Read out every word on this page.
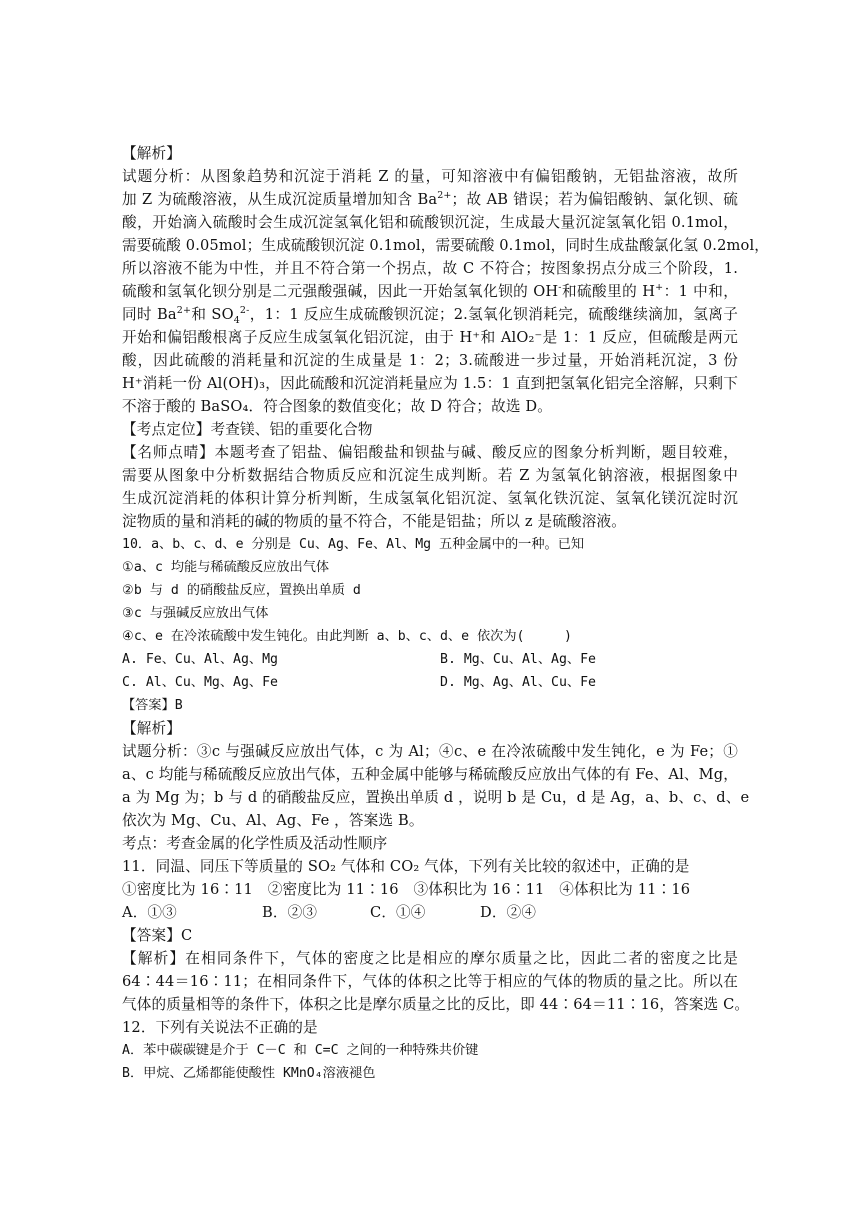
【解析】
试题分析：从图象趋势和沉淀于消耗 Z 的量，可知溶液中有偏铝酸钠，无铝盐溶液，故所
加 Z 为硫酸溶液，从生成沉淀质量增加知含 $Ba^{2+}$；故 AB 错误；若为偏铝酸钠、氯化钡、硫
酸，开始滴入硫酸时会生成沉淀氢氧化铝和硫酸钡沉淀，生成最大量沉淀氢氧化铝 0.1mol，
需要硫酸 0.05mol；生成硫酸钡沉淀 0.1mol，需要硫酸 0.1mol，同时生成盐酸氯化氢 0.2mol，
所以溶液不能为中性，并且不符合第一个拐点，故 C 不符合；按图象拐点分成三个阶段，1.
硫酸和氢氧化钡分别是二元强酸强碱，因此一开始氢氧化钡的 OH-和硫酸里的 H+：1 中和，
同时 $Ba^{2+}$和 $SO_4^{2-}$，1：1 反应生成硫酸钡沉淀；2.氢氧化钡消耗完，硫酸继续滴加，氢离子
开始和偏铝酸根离子反应生成氢氧化铝沉淀，由于 H⁺和 AlO₂⁻是 1：1 反应，但硫酸是两元
酸，因此硫酸的消耗量和沉淀的生成量是 1：2；3.硫酸进一步过量，开始消耗沉淀，3 份
H⁺消耗一份 Al(OH)₃，因此硫酸和沉淀消耗量应为 1.5：1 直到把氢氧化铝完全溶解，只剩下
不溶于酸的 BaSO₄．符合图象的数值变化；故 D 符合；故选 D。
【考点定位】考查镁、铝的重要化合物
【名师点晴】本题考查了铝盐、偏铝酸盐和钡盐与碱、酸反应的图象分析判断，题目较难，
需要从图象中分析数据结合物质反应和沉淀生成判断。若 Z 为氢氧化钠溶液，根据图象中
生成沉淀消耗的体积计算分析判断，生成氢氧化铝沉淀、氢氧化铁沉淀、氢氧化镁沉淀时沉
淀物质的量和消耗的碱的物质的量不符合，不能是铝盐；所以 z 是硫酸溶液。
10．a、b、c、d、e 分别是 Cu、Ag、Fe、Al、Mg 五种金属中的一种。已知
①a、c 均能与稀硫酸反应放出气体
②b 与 d 的硝酸盐反应，置换出单质 d
③c 与强碱反应放出气体
④c、e 在冷浓硫酸中发生钝化。由此判断 a、b、c、d、e 依次为(　　　)
A. Fe、Cu、Al、Ag、Mg	B. Mg、Cu、Al、Ag、Fe
C. Al、Cu、Mg、Ag、Fe	D. Mg、Ag、Al、Cu、Fe
【答案】B
【解析】
试题分析：③c 与强碱反应放出气体，c 为 Al；④c、e 在冷浓硫酸中发生钝化，e 为 Fe；①
a、c 均能与稀硫酸反应放出气体，五种金属中能够与稀硫酸反应放出气体的有 Fe、Al、Mg，
a 为 Mg 为；b 与 d 的硝酸盐反应，置换出单质 d ，说明 b 是 Cu，d 是 Ag，a、b、c、d、e
依次为 Mg、Cu、Al、Ag、Fe ，答案选 B。
考点：考查金属的化学性质及活动性顺序
11．同温、同压下等质量的 SO₂ 气体和 CO₂ 气体，下列有关比较的叙述中，正确的是
①密度比为 16∶11　②密度比为 11∶16　③体积比为 16∶11　④体积比为 11∶16
A．①③	B．②③	C．①④	D．②④
【答案】C
【解析】在相同条件下，气体的密度之比是相应的摩尔质量之比，因此二者的密度之比是
64∶44＝16∶11；在相同条件下，气体的体积之比等于相应的气体的物质的量之比。所以在
气体的质量相等的条件下，体积之比是摩尔质量之比的反比，即 44∶64＝11∶16，答案选 C。
12．下列有关说法不正确的是
A．苯中碳碳键是介于 C－C 和 C=C 之间的一种特殊共价键
B．甲烷、乙烯都能使酸性 KMnO₄溶液褪色
